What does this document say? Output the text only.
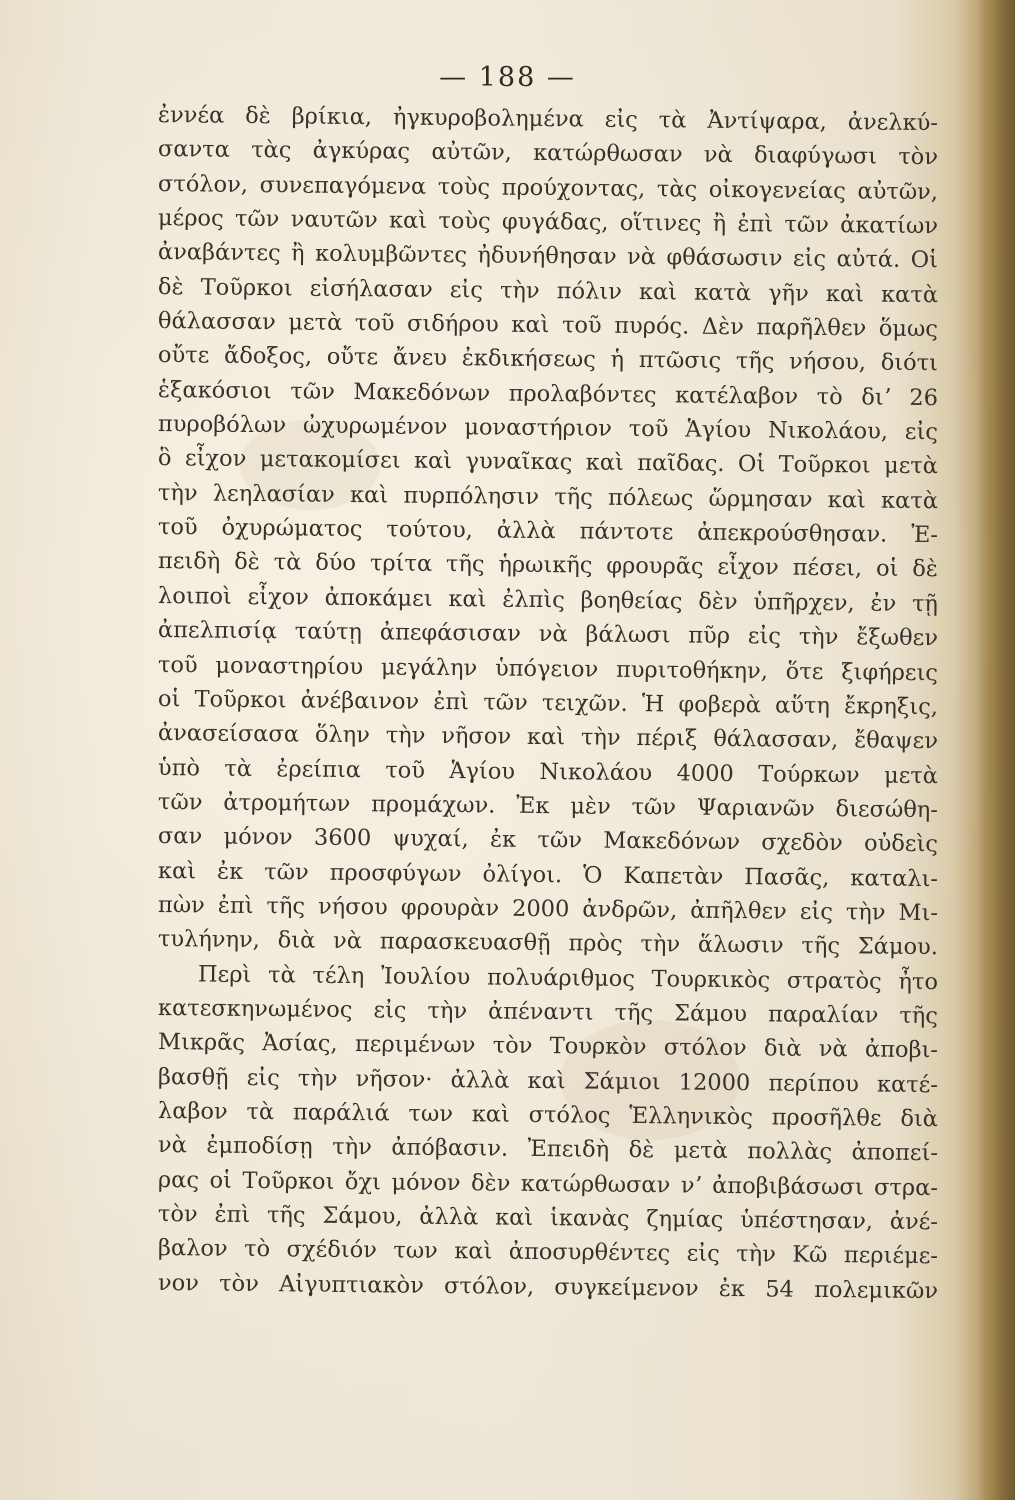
— 188 —
ἐννέα δὲ βρίκια, ἠγκυροβολημένα εἰς τὰ Ἀντίψαρα, ἀνελκύ-
σαντα τὰς ἀγκύρας αὐτῶν, κατώρθωσαν νὰ διαφύγωσι τὸν
στόλον, συνεπαγόμενα τοὺς πρoύχοντας, τὰς οἰκογενείας αὐτῶν,
μέρος τῶν ναυτῶν καὶ τοὺς φυγάδας, οἵτινες ἢ ἐπὶ τῶν ἀκατίων
ἀναβάντες ἢ κολυμβῶντες ἠδυνήθησαν νὰ φθάσωσιν εἰς αὐτά. Οἱ
δὲ Τοῦρκοι εἰσήλασαν εἰς τὴν πόλιν καὶ κατὰ γῆν καὶ κατὰ
θάλασσαν μετὰ τοῦ σιδήρου καὶ τοῦ πυρός. Δὲν παρῆλθεν ὅμως
οὔτε ἄδοξος, οὔτε ἄνευ ἐκδικήσεως ἡ πτῶσις τῆς νήσου, διότι
ἑξακόσιοι τῶν Μακεδόνων προλαβόντες κατέλαβον τὸ διʼ 26
πυροβόλων ὠχυρωμένον μοναστήριον τοῦ Ἁγίου Νικολάου, εἰς
ὃ εἶχον μετακομίσει καὶ γυναῖκας καὶ παῖδας. Οἱ Τοῦρκοι μετὰ
τὴν λεηλασίαν καὶ πυρπόλησιν τῆς πόλεως ὥρμησαν καὶ κατὰ
τοῦ ὀχυρώματος τούτου, ἀλλὰ πάντοτε ἀπεκρούσθησαν. Ἐ-
πειδὴ δὲ τὰ δύο τρίτα τῆς ἡρωικῆς φρουρᾶς εἶχον πέσει, οἱ δὲ
λοιποὶ εἶχον ἀποκάμει καὶ ἐλπὶς βοηθείας δὲν ὑπῆρχεν, ἐν τῇ
ἀπελπισίᾳ ταύτῃ ἀπεφάσισαν νὰ βάλωσι πῦρ εἰς τὴν ἔξωθεν
τοῦ μοναστηρίου μεγάλην ὑπόγειον πυριτοθήκην, ὅτε ξιφήρεις
οἱ Τοῦρκοι ἀνέβαινον ἐπὶ τῶν τειχῶν. Ἡ φοβερὰ αὕτη ἔκρηξις,
ἀνασείσασα ὅλην τὴν νῆσον καὶ τὴν πέριξ θάλασσαν, ἔθαψεν
ὑπὸ τὰ ἐρείπια τοῦ Ἁγίου Νικολάου 4000 Τούρκων μετὰ
τῶν ἀτρομήτων προμάχων. Ἐκ μὲν τῶν Ψαριανῶν διεσώθη-
σαν μόνον 3600 ψυχαί, ἐκ τῶν Μακεδόνων σχεδὸν οὐδεὶς
καὶ ἐκ τῶν προσφύγων ὀλίγοι. Ὁ Καπετὰν Πασᾶς, καταλι-
πὼν ἐπὶ τῆς νήσου φρουρὰν 2000 ἀνδρῶν, ἀπῆλθεν εἰς τὴν Μι-
τυλήνην, διὰ νὰ παρασκευασθῇ πρὸς τὴν ἅλωσιν τῆς Σάμου.
Περὶ τὰ τέλη Ἰουλίου πολυάριθμος Τουρκικὸς στρατὸς ἦτο
κατεσκηνωμένος εἰς τὴν ἀπέναντι τῆς Σάμου παραλίαν τῆς
Μικρᾶς Ἀσίας, περιμένων τὸν Τουρκὸν στόλον διὰ νὰ ἀποβι-
βασθῇ εἰς τὴν νῆσον· ἀλλὰ καὶ Σάμιοι 12000 περίπου κατέ-
λαβον τὰ παράλιά των καὶ στόλος Ἑλληνικὸς προσῆλθε διὰ
νὰ ἐμποδίσῃ τὴν ἀπόβασιν. Ἐπειδὴ δὲ μετὰ πολλὰς ἀποπεί-
ρας οἱ Τοῦρκοι ὄχι μόνον δὲν κατώρθωσαν νʼ ἀποβιβάσωσι στρα-
τὸν ἐπὶ τῆς Σάμου, ἀλλὰ καὶ ἱκανὰς ζημίας ὑπέστησαν, ἀνέ-
βαλον τὸ σχέδιόν των καὶ ἀποσυρθέντες εἰς τὴν Κῶ περιέμε-
νον τὸν Αἰγυπτιακὸν στόλον, συγκείμενον ἐκ 54 πολεμικῶν
